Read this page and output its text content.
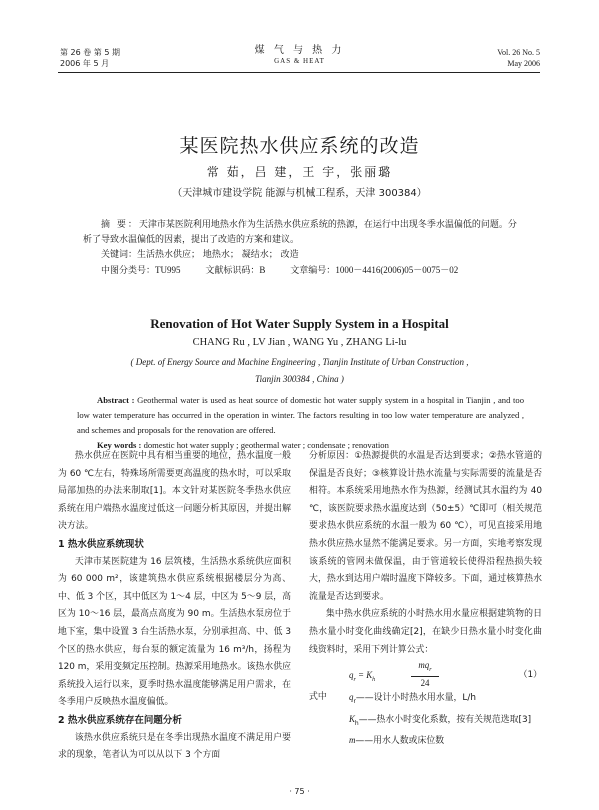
第 26 卷 第 5 期
2006 年 5 月
煤 气 与 热 力
GAS & HEAT
Vol. 26 No. 5
May 2006
某医院热水供应系统的改造
常 茹，吕 建，王 宇，张丽璐
（天津城市建设学院 能源与机械工程系，天津 300384）
摘 要：天津市某医院利用地热水作为生活热水供应系统的热源，在运行中出现冬季水温偏低的问题。分析了导致水温偏低的因素，提出了改造的方案和建议。
关键词：生活热水供应； 地热水； 凝结水； 改造
中图分类号：TU995	文献标识码：B	文章编号：1000－4416(2006)05－0075－02
Renovation of Hot Water Supply System in a Hospital
CHANG Ru , LV Jian , WANG Yu , ZHANG Li-lu
( Dept. of Energy Source and Machine Engineering , Tianjin Institute of Urban Construction ,
Tianjin 300384 , China )
Abstract : Geothermal water is used as heat source of domestic hot water supply system in a hospital in Tianjin , and too low water temperature has occurred in the operation in winter. The factors resulting in too low water temperature are analyzed , and schemes and proposals for the renovation are offered.
Key words : domestic hot water supply ; geothermal water ; condensate ; renovation

热水供应在医院中具有相当重要的地位，热水温度一般为 60 ℃左右，特殊场所需要更高温度的热水时，可以采取局部加热的办法来制取[1]。本文针对某医院冬季热水供应系统在用户端热水温度过低这一问题分析其原因，并提出解决方法。

1 热水供应系统现状

天津市某医院建为 16 层筑楼，生活热水系统供应面积为 60 000 m²，该建筑热水供应系统根据楼层分为高、中、低 3 个区，其中低区为 1～4 层，中区为 5～9 层，高区为 10～16 层，最高点高度为 90 m。生活热水泵房位于地下室，集中设置 3 台生活热水泵，分别承担高、中、低 3 个区的热水供应，每台泵的额定流量为 16 m³/h，扬程为 120 m，采用变频定压控制。热源采用地热水。该热水供应系统投入运行以来，夏季时热水温度能够满足用户需求，在冬季用户反映热水温度偏低。

2 热水供应系统存在问题分析

该热水供应系统只是在冬季出现热水温度不满足用户要求的现象，笔者认为可以从以下 3 个方面

分析原因：①热源提供的水温是否达到要求；②热水管道的保温是否良好；③核算设计热水流量与实际需要的流量是否相符。本系统采用地热水作为热源，经测试其水温约为 40 ℃，该医院要求热水温度达到（50±5）℃即可（相关规范要求热水供应系统的水温一般为 60 ℃），可见直接采用地热水供应热水显然不能满足要求。另一方面，实地考察发现该系统的管网未做保温，由于管道较长使得沿程热损失较大，热水到达用户端时温度下降较多。下面，通过核算热水流量是否达到要求。

集中热水供应系统的小时热水用水量应根据建筑物的日热水量小时变化曲线确定[2]，在缺少日热水量小时变化曲线资料时，采用下列计算公式：

$q_r = K_h$
$mq_r$
24
（1）
式中	$q_r——$设计小时热水用水量，L/h
$K_h——$热水小时变化系数，按有关规范选取[3]
m——用水人数或床位数
· 75 ·
